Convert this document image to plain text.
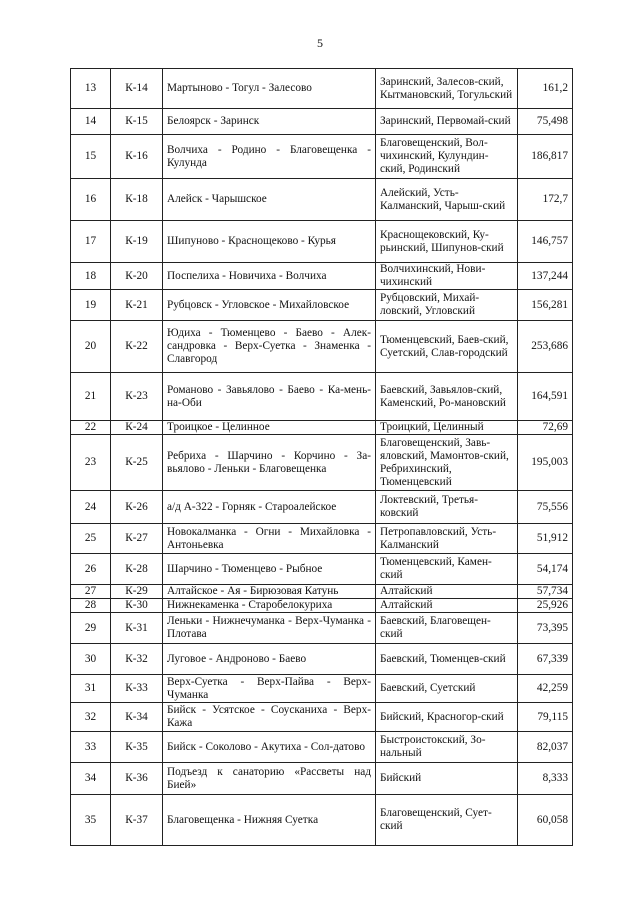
5
13	К-14	Мартыново - Тогул - Залесово	Заринский, Залесов-ский, Кытмановский, Тогульский	161,2
14	К-15	Белоярск - Заринск	Заринский, Первомай-ский	75,498
15	К-16	Волчиха - Родино - Благовещенка - Кулунда	Благовещенский, Вол-чихинский, Кулундин-ский, Родинский	186,817
16	К-18	Алейск - Чарышское	Алейский, Усть-Калманский, Чарыш-ский	172,7
17	К-19	Шипуново - Краснощеково - Курья	Краснощековский, Ку-рьинский, Шипунов-ский	146,757
18	К-20	Поспелиха - Новичиха - Волчиха	Волчихинский, Нови-чихинский	137,244
19	К-21	Рубцовск - Угловское - Михайловское	Рубцовский, Михай-ловский, Угловский	156,281
20	К-22	Юдиха - Тюменцево - Баево - Алек-сандровка - Верх-Суетка - Знаменка - Славгород	Тюменцевский, Баев-ский, Суетский, Слав-городский	253,686
21	К-23	Романово - Завьялово - Баево - Ка-мень-на-Оби	Баевский, Завьялов-ский, Каменский, Ро-мановский	164,591
22	К-24	Троицкое - Целинное	Троицкий, Целинный	72,69
23	К-25	Ребриха - Шарчино - Корчино - За-вьялово - Леньки - Благовещенка	Благовещенский, Завь-яловский, Мамонтов-ский, Ребрихинский, Тюменцевский	195,003
24	К-26	а/д А-322 - Горняк - Староалейское	Локтевский, Третья-ковский	75,556
25	К-27	Новокалманка - Огни - Михайловка - Антоньевка	Петропавловский, Усть-Калманский	51,912
26	К-28	Шарчино - Тюменцево - Рыбное	Тюменцевский, Камен-ский	54,174
27	К-29	Алтайское - Ая - Бирюзовая Катунь	Алтайский	57,734
28	К-30	Нижнекаменка - Старобелокуриха	Алтайский	25,926
29	К-31	Леньки - Нижнечуманка - Верх-Чуманка - Плотава	Баевский, Благовещен-ский	73,395
30	К-32	Луговое - Андроново - Баево	Баевский, Тюменцев-ский	67,339
31	К-33	Верх-Суетка - Верх-Пайва - Верх-Чуманка	Баевский, Суетский	42,259
32	К-34	Бийск - Усятское - Соусканиха - Верх-Кажа	Бийский, Красногор-ский	79,115
33	К-35	Бийск - Соколово - Акутиха - Сол-датово	Быстроистокский, Зо-нальный	82,037
34	К-36	Подъезд к санаторию «Рассветы над Бией»	Бийский	8,333
35	К-37	Благовещенка - Нижняя Суетка	Благовещенский, Сует-ский	60,058
